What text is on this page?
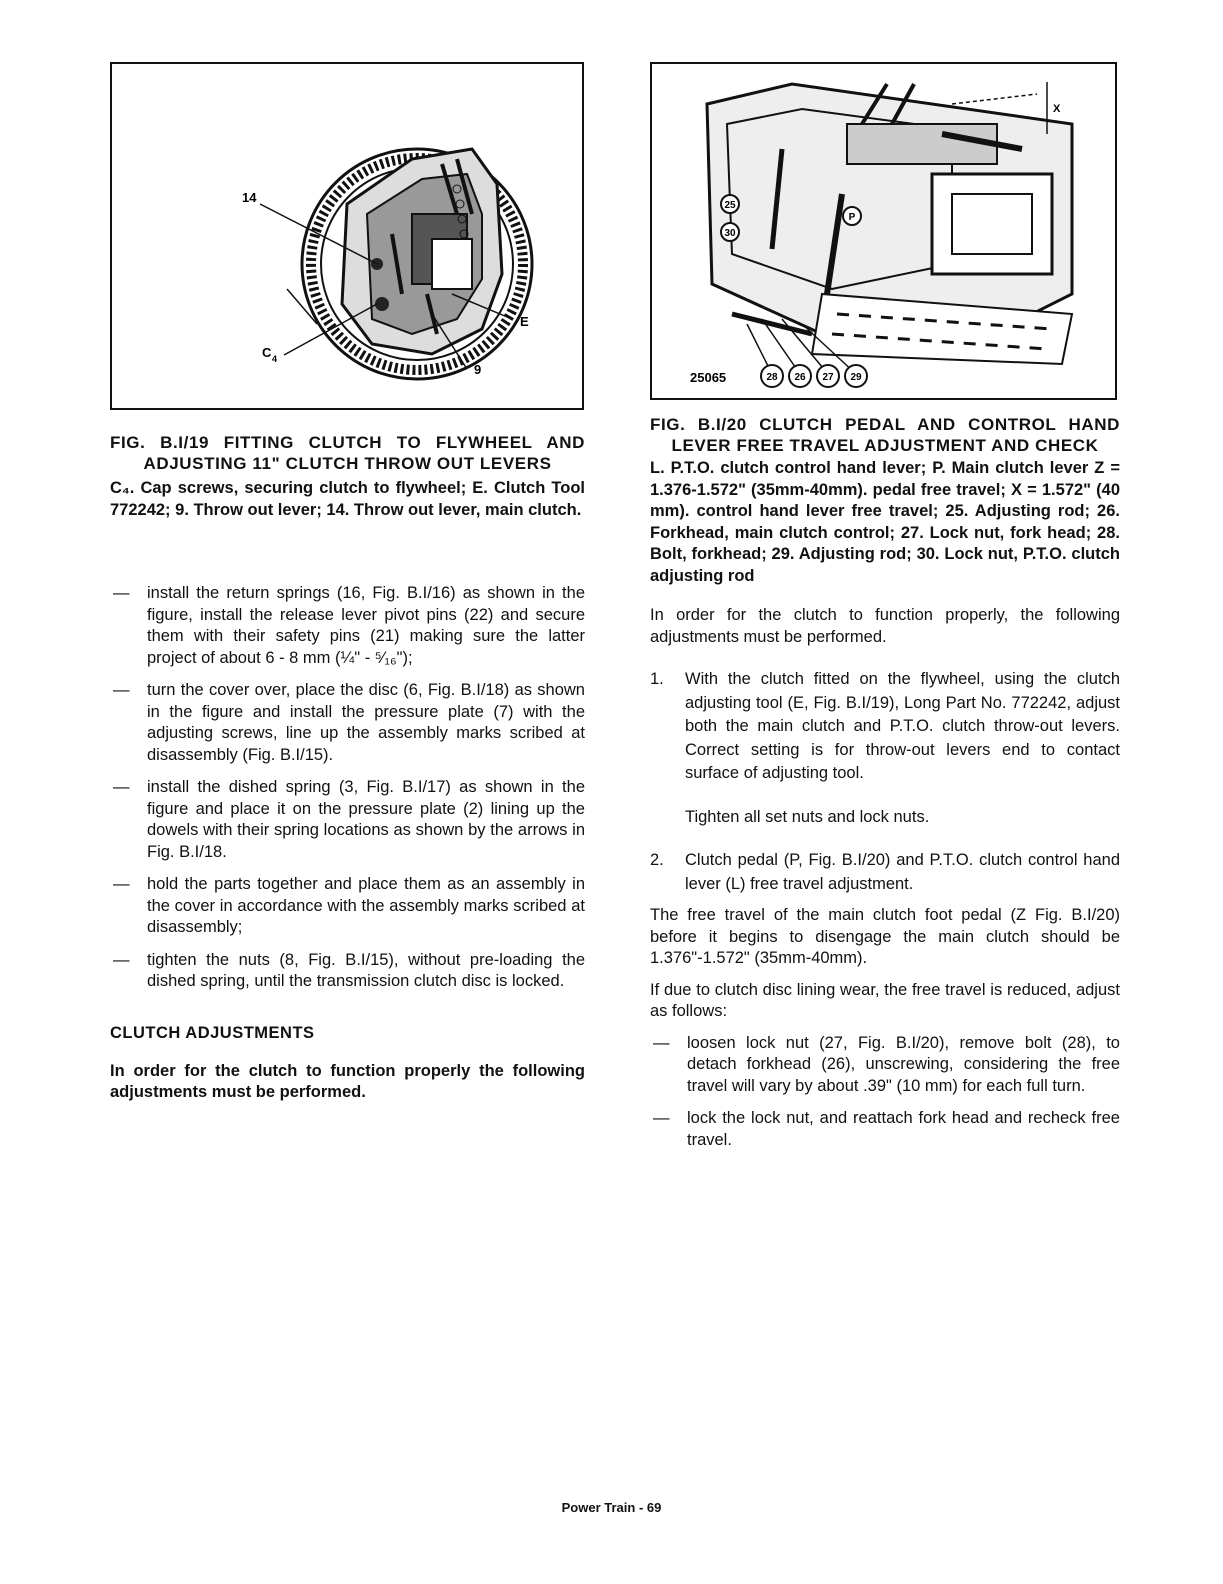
14
E
C 4
9
FIG. B.I/19 FITTING CLUTCH TO FLYWHEEL AND ADJUSTING 11" CLUTCH THROW OUT LEVERS
C₄. Cap screws, securing clutch to flywheel; E. Clutch Tool 772242; 9. Throw out lever; 14. Throw out lever, main clutch.
— install the return springs (16, Fig. B.I/16) as shown in the figure, install the release lever pivot pins (22) and secure them with their safety pins (21) making sure the latter project of about 6 - 8 mm (¼" - ⁵⁄₁₆");
— turn the cover over, place the disc (6, Fig. B.I/18) as shown in the figure and install the pressure plate (7) with the adjusting screws, line up the assembly marks scribed at disassembly (Fig. B.I/15).
— install the dished spring (3, Fig. B.I/17) as shown in the figure and place it on the pressure plate (2) lining up the dowels with their spring locations as shown by the arrows in Fig. B.I/18.
— hold the parts together and place them as an assembly in the cover in accordance with the assembly marks scribed at disassembly;
— tighten the nuts (8, Fig. B.I/15), without pre-loading the dished spring, until the transmission clutch disc is locked.
CLUTCH ADJUSTMENTS

In order for the clutch to function properly the following adjustments must be performed.

X
25
30
P
28 26 27 29
25065
FIG. B.I/20 CLUTCH PEDAL AND CONTROL HAND LEVER FREE TRAVEL ADJUSTMENT AND CHECK
L. P.T.O. clutch control hand lever; P. Main clutch lever Z = 1.376-1.572" (35mm-40mm). pedal free travel; X = 1.572" (40 mm). control hand lever free travel; 25. Adjusting rod; 26. Forkhead, main clutch control; 27. Lock nut, fork head; 28. Bolt, forkhead; 29. Adjusting rod; 30. Lock nut, P.T.O. clutch adjusting rod

In order for the clutch to function properly, the following adjustments must be performed.

1. With the clutch fitted on the flywheel, using the clutch adjusting tool (E, Fig. B.I/19), Long Part No. 772242, adjust both the main clutch and P.T.O. clutch throw-out levers. Correct setting is for throw-out levers end to contact surface of adjusting tool.

Tighten all set nuts and lock nuts.

2. Clutch pedal (P, Fig. B.I/20) and P.T.O. clutch control hand lever (L) free travel adjustment.

The free travel of the main clutch foot pedal (Z Fig. B.I/20) before it begins to disengage the main clutch should be 1.376"-1.572" (35mm-40mm).

If due to clutch disc lining wear, the free travel is reduced, adjust as follows:

— loosen lock nut (27, Fig. B.I/20), remove bolt (28), to detach forkhead (26), unscrewing, considering the free travel will vary by about .39" (10 mm) for each full turn.
— lock the lock nut, and reattach fork head and recheck free travel.
Power Train - 69
